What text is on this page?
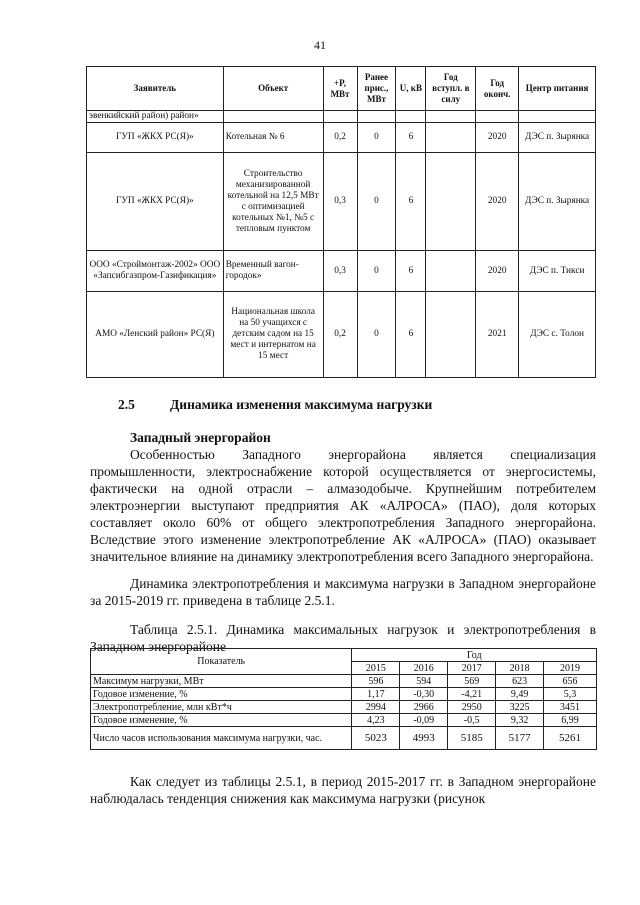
41
Заявитель	Объект	+P, МВт	Ранее прис., МВт	U, кВ	Год вступл. в силу	Год оконч.	Центр питания
эвенкийский район) район»							
ГУП «ЖКХ РС(Я)»	Котельная № 6	0,2	0	6		2020	ДЭС п. Зырянка
ГУП «ЖКХ РС(Я)»	Строительство механизированной котельной на 12,5 МВт с оптимизацией котельных №1, №5 с тепловым пунктом	0,3	0	6		2020	ДЭС п. Зырянка
ООО «Строймонтаж-2002» ООО «Запсибгазпром-Газификация»	Временный вагон-городок»	0,3	0	6		2020	ДЭС п. Тикси
АМО «Ленский район» РС(Я)	Национальная школа на 50 учащихся с детским садом на 15 мест и интернатом на 15 мест	0,2	0	6		2021	ДЭС с. Толон
2.5	Динамика изменения максимума нагрузки
Западный энергорайон

Особенностью Западного энергорайона является специализация промышленности, электроснабжение которой осуществляется от энергосистемы, фактически на одной отрасли – алмазодобыче. Крупнейшим потребителем электроэнергии выступают предприятия АК «АЛРОСА» (ПАО), доля которых составляет около 60% от общего электропотребления Западного энергорайона. Вследствие этого изменение электропотребление АК «АЛРОСА» (ПАО) оказывает значительное влияние на динамику электропотребления всего Западного энергорайона.

Динамика электропотребления и максимума нагрузки в Западном энергорайоне за 2015-2019 гг. приведена в таблице 2.5.1.

Таблица 2.5.1. Динамика максимальных нагрузок и электропотребления в Западном энергорайоне

Показатель	Год				
	2015	2016	2017	2018	2019
Максимум нагрузки, МВт	596	594	569	623	656
Годовое изменение, %	1,17	-0,30	-4,21	9,49	5,3
Электропотребление, млн кВт*ч	2994	2966	2950	3225	3451
Годовое изменение, %	4,23	-0,09	-0,5	9,32	6,99
Число часов использования максимума нагрузки, час.	5023	4993	5185	5177	5261

Как следует из таблицы 2.5.1, в период 2015-2017 гг. в Западном энергорайоне наблюдалась тенденция снижения как максимума нагрузки (рисунок
